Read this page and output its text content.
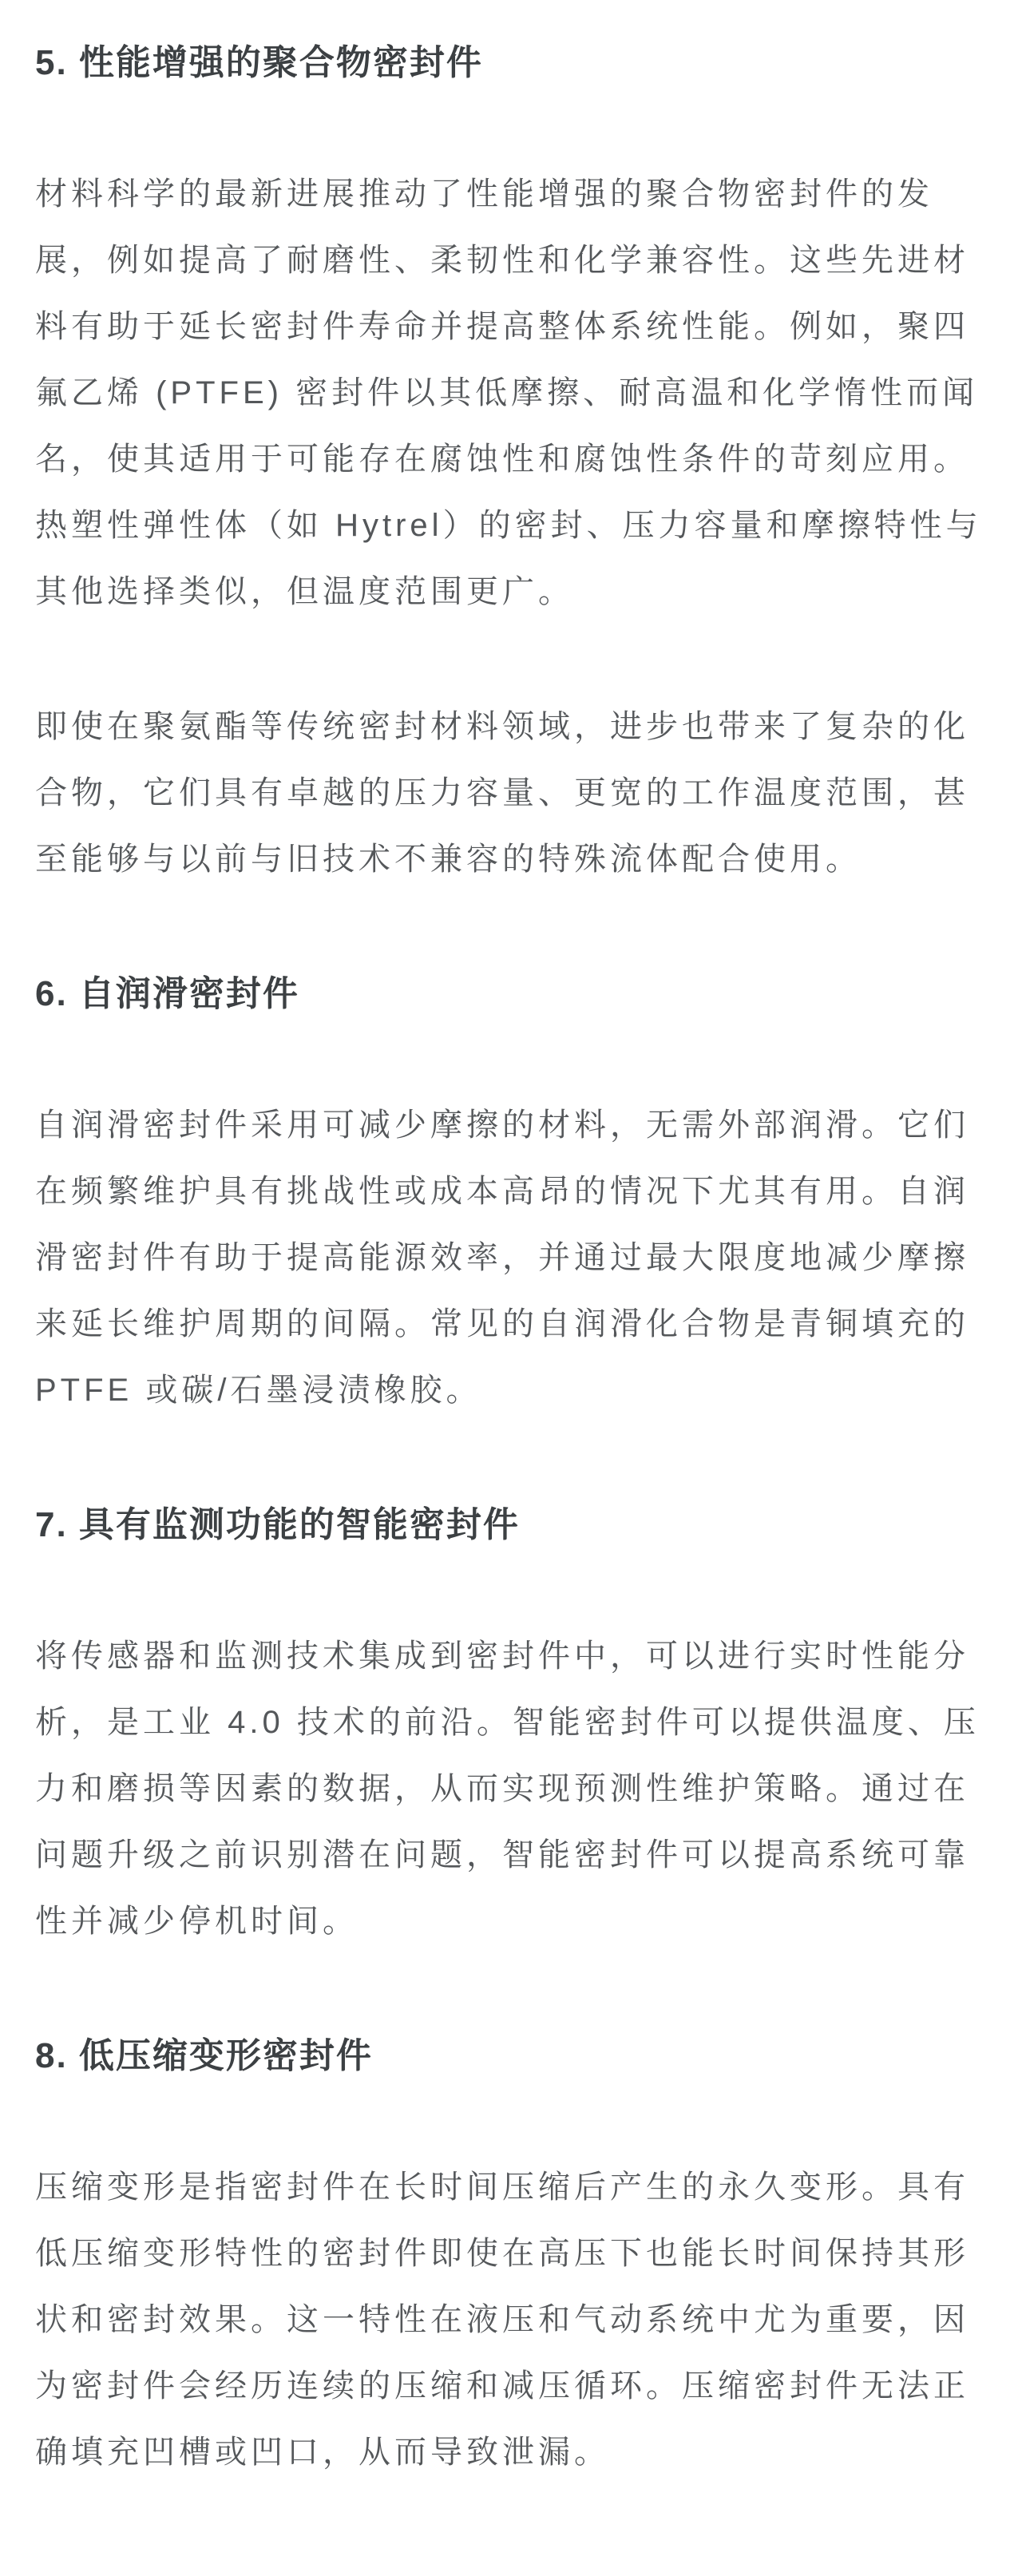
5. 性能增强的聚合物密封件

材料科学的最新进展推动了性能增强的聚合物密封件的发展，例如提高了耐磨性、柔韧性和化学兼容性。这些先进材料有助于延长密封件寿命并提高整体系统性能。例如，聚四氟乙烯 (PTFE) 密封件以其低摩擦、耐高温和化学惰性而闻名，使其适用于可能存在腐蚀性和腐蚀性条件的苛刻应用。热塑性弹性体（如 Hytrel）的密封、压力容量和摩擦特性与其他选择类似，但温度范围更广。

即使在聚氨酯等传统密封材料领域，进步也带来了复杂的化合物，它们具有卓越的压力容量、更宽的工作温度范围，甚至能够与以前与旧技术不兼容的特殊流体配合使用。

6. 自润滑密封件

自润滑密封件采用可减少摩擦的材料，无需外部润滑。它们在频繁维护具有挑战性或成本高昂的情况下尤其有用。自润滑密封件有助于提高能源效率，并通过最大限度地减少摩擦来延长维护周期的间隔。常见的自润滑化合物是青铜填充的 PTFE 或碳/石墨浸渍橡胶。

7. 具有监测功能的智能密封件

将传感器和监测技术集成到密封件中，可以进行实时性能分析，是工业 4.0 技术的前沿。智能密封件可以提供温度、压力和磨损等因素的数据，从而实现预测性维护策略。通过在问题升级之前识别潜在问题，智能密封件可以提高系统可靠性并减少停机时间。

8. 低压缩变形密封件

压缩变形是指密封件在长时间压缩后产生的永久变形。具有低压缩变形特性的密封件即使在高压下也能长时间保持其形状和密封效果。这一特性在液压和气动系统中尤为重要，因为密封件会经历连续的压缩和减压循环。压缩密封件无法正确填充凹槽或凹口，从而导致泄漏。
